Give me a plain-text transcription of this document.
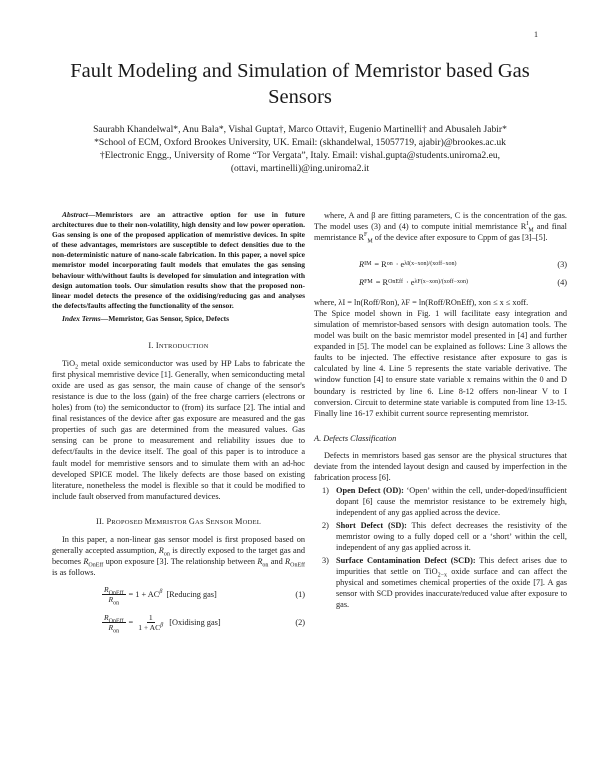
1
Fault Modeling and Simulation of Memristor based Gas Sensors
Saurabh Khandelwal*, Anu Bala*, Vishal Gupta†, Marco Ottavi†, Eugenio Martinelli† and Abusaleh Jabir*
*School of ECM, Oxford Brookes University, UK. Email: (skhandelwal, 15057719, ajabir)@brookes.ac.uk
†Electronic Engg., University of Rome “Tor Vergata”, Italy. Email: vishal.gupta@students.uniroma2.eu,
(ottavi, martinelli)@ing.uniroma2.it

Abstract—Memristors are an attractive option for use in future architectures due to their non-volatility, high density and low power operation. Gas sensing is one of the proposed application of memristive devices. In spite of these advantages, memristors are susceptible to defect densities due to the non-deterministic nature of nano-scale fabrication. In this paper, a novel spice memristor model incorporating fault models that emulates the gas sensing behaviour with/without faults is developed for simulation and integration with design automation tools. Our simulation results show that the proposed non-linear model detects the presence of the oxidising/reducing gas and analyses the defects/faults affecting the functionality of the sensor.

Index Terms—Memristor, Gas Sensor, Spice, Defects

I. INTRODUCTION

TiO$_2$ metal oxide semiconductor was used by HP Labs to fabricate the first physical memristive device [1]. Generally, when semiconducting metal oxide are used as gas sensor, the main cause of change of the sensor's resistance is due to the loss (gain) of the free charge carriers (electrons or holes) from (to) the semiconductor to (from) its surface [2]. The intial and final resistances of the device after gas exposure are measured and the gas properties of such gas are determined from the measured values. Gas sensing can be prone to measurement and reliability issues due to defect/faults in the device itself. The goal of this paper is to introduce a fault model for memristive sensors and to simulate them with an ad-hoc developed SPICE model. The likely defects are those based on existing literature, nonetheless the model is flexible so that it could be modified to include fault observed from manufactured devices.

II. PROPOSED MEMRISTOR GAS SENSOR MODEL

In this paper, a non-linear gas sensor model is first proposed based on generally accepted assumption, $R_{on}$ is directly exposed to the target gas and becomes $R_{OnEff}$ upon exposure [3]. The relationship between $R_{on}$ and $R_{OnEff}$ is as follows.

$\frac{R_{OnEff}}{R_{on}} = 1 + AC^\beta$ [Reducing gas]	(1)
$\frac{R_{OnEff}}{R_{on}} = \frac{1}{1 + AC^\beta}$ [Oxidising gas]	(2)

where, A and β are fitting parameters, C is the concentration of the gas. The model uses (3) and (4) to compute initial memristance $R^I_M$ and final memristance $R^F_M$ of the device after exposure to Cppm of gas [3]–[5].

R I M = R on · e λΙ(x−xon)/(xoff−xon)	(3)
R F M = R OnEff · e λF(x−xon)/(xoff−xon)	(4)

where, λI = ln(Roff/Ron), λF = ln(Roff/ROnEff), xon ≤ x ≤ xoff.

The Spice model shown in Fig. 1 will facilitate easy integration and simulation of memristor-based sensors with design automation tools. The model was built on the basic memristor model presented in [4] and further expanded in [5]. The model can be explained as follows: Line 3 allows the faults to be injected. The effective resistance after exposure to gas is calculated by line 4. Line 5 represents the state variable derivative. The window function [4] to ensure state variable x remains within the 0 and D boundary is restricted by line 6. Line 8-12 offers non-linear V to I conversion. Circuit to determine state variable is computed from line 13-15. Finally line 16-17 exhibit current source representing memristor.

A. Defects Classification

Defects in memristors based gas sensor are the physical structures that deviate from the intended layout design and caused by imperfection in the fabrication process [6].

1) Open Defect (OD): ‘Open’ within the cell, under-doped/insufficient dopant [6] cause the memristor resistance to be extremely high, independent of any gas applied across the device.
2) Short Defect (SD): This defect decreases the resistivity of the memristor owing to a fully doped cell or a ‘short’ within the cell, independent of any gas applied across it.
3) Surface Contamination Defect (SCD): This defect arises due to impurities that settle on TiO$_{2-x}$ oxide surface and can affect the physical and sometimes chemical properties of the oxide [7]. A gas sensor with SCD provides inaccurate/reduced value after exposure to gas.
